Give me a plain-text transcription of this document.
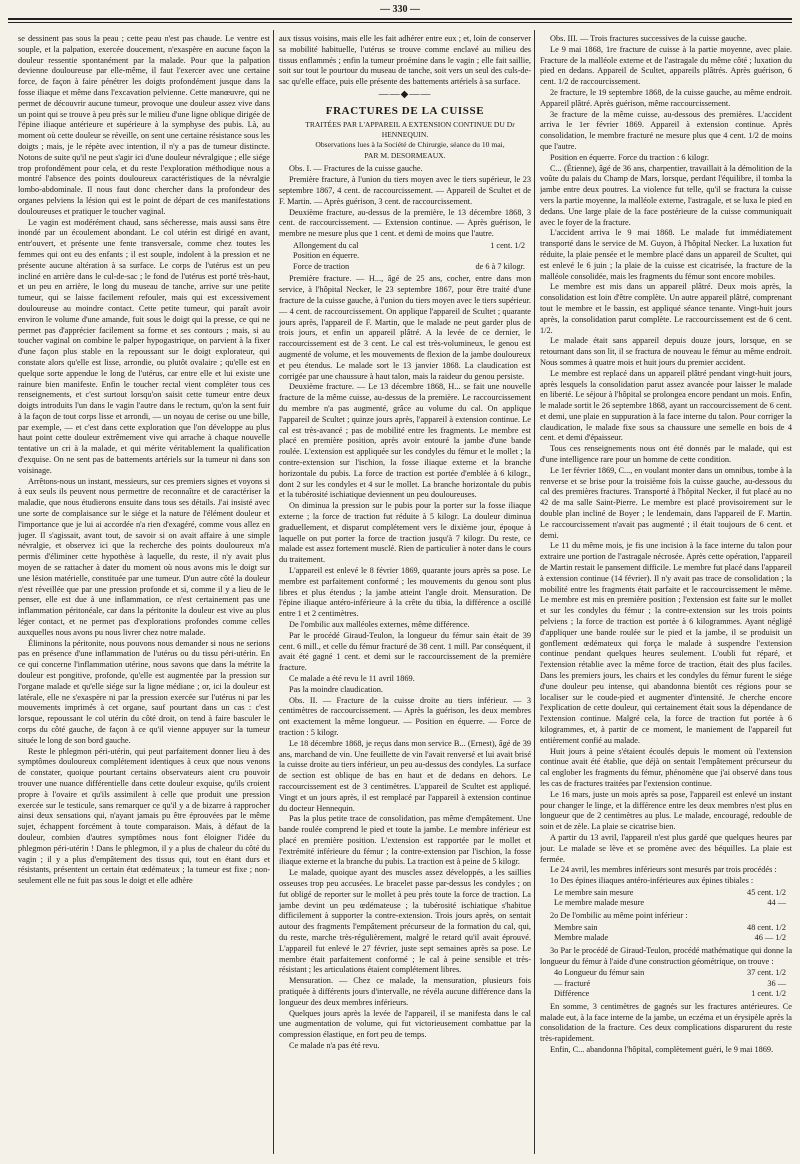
— 330 —

se dessinent pas sous la peau ; cette peau n'est pas chaude. Le ventre est souple, et la palpation, exercée doucement, n'exaspère en aucune façon la douleur ressentie spontanément par la malade. Pour que la palpation devienne douloureuse par elle-même, il faut l'exercer avec une certaine force, de façon à faire pénétrer les doigts profondément jusque dans la fosse iliaque et même dans l'excavation pelvienne. Cette manœuvre, qui ne permet de découvrir aucune tumeur, provoque une douleur assez vive dans un point qui se trouve à peu près sur le milieu d'une ligne oblique dirigée de l'épine iliaque antérieure et supérieure à la symphyse des pubis. Là, au moment où cette douleur se réveille, on sent une certaine résistance sous les doigts ; mais, je le répète avec intention, il n'y a pas de tumeur distincte. Notons de suite qu'il ne peut s'agir ici d'une douleur névralgique ; elle siége trop profondément pour cela, et du reste l'exploration méthodique nous a montré l'absence des points douloureux caractéristiques de la névralgie lombo-abdominale. Il nous faut donc chercher dans la profondeur des organes pelviens la lésion qui est le point de départ de ces manifestations douloureuses et pratiquer le toucher vaginal.

Le vagin est modérément chaud, sans sécheresse, mais aussi sans être inondé par un écoulement abondant. Le col utérin est dirigé en avant, entr'ouvert, et présente une fente transversale, comme chez toutes les femmes qui ont eu des enfants ; il est souple, indolent à la pression et ne présente aucune altération à sa surface. Le corps de l'utérus est un peu incliné en arrière dans le cul-de-sac ; le fond de l'utérus est porté très-haut, et un peu en arrière, le long du museau de tanche, arrive sur une petite tumeur, qui se laisse facilement refouler, mais qui est excessivement douloureuse au moindre contact. Cette petite tumeur, qui paraît avoir environ le volume d'une amande, fuit sous le doigt qui la presse, ce qui ne permet pas d'apprécier facilement sa forme et ses contours ; mais, si au toucher vaginal on combine le palper hypogastrique, on parvient à la fixer d'une façon plus stable en la repoussant sur le doigt explorateur, qui constate alors qu'elle est lisse, arrondie, ou plutôt ovalaire ; qu'elle est en quelque sorte appendue le long de l'utérus, car entre elle et lui existe une rainure bien manifeste. Enfin le toucher rectal vient compléter tous ces renseignements, et c'est surtout lorsqu'on saisit cette tumeur entre deux doigts introduits l'un dans le vagin l'autre dans le rectum, qu'on la sent fuir à la façon de tout corps lisse et arrondi, — un noyau de cerise ou une bille, par exemple, — et c'est dans cette exploration que l'on développe au plus haut point cette douleur extrêmement vive qui arrache à chaque nouvelle tentative un cri à la malade, et qui mérite véritablement la qualification d'exquise. On ne sent pas de battements artériels sur la tumeur ni dans son voisinage.

Arrêtons-nous un instant, messieurs, sur ces premiers signes et voyons si à eux seuls ils peuvent nous permettre de reconnaître et de caractériser la maladie, que nous étudierons ensuite dans tous ses détails. J'ai insisté avec une sorte de complaisance sur le siége et la nature de l'élément douleur et l'importance que je lui ai accordée n'a rien d'exagéré, comme vous allez en juger. Il s'agissait, avant tout, de savoir si on avait affaire à une simple névralgie, et observez ici que la recherche des points douloureux m'a permis d'éliminer cette hypothèse à laquelle, du reste, il n'y avait plus moyen de se rattacher à dater du moment où nous avons mis le doigt sur une lésion matérielle, constituée par une tumeur. D'un autre côté la douleur n'est réveillée que par une pression profonde et si, comme il y a lieu de le penser, elle est due à une inflammation, ce n'est certainement pas une inflammation péritonéale, car dans la péritonite la douleur est vive au plus léger contact, et ne permet pas d'explorations profondes comme celles auxquelles nous avons pu nous livrer chez notre malade.

Éliminons la péritonite, nous pouvons nous demander si nous ne serions pas en présence d'une inflammation de l'utérus ou du tissu péri-utérin. En ce qui concerne l'inflammation utérine, nous savons que dans la métrite la douleur est pongitive, profonde, qu'elle est augmentée par la pression sur l'organe malade et qu'elle siége sur la ligne médiane ; or, ici la douleur est latérale, elle ne s'exaspère ni par la pression exercée sur l'utérus ni par les mouvements imprimés à cet organe, sauf pourtant dans un cas : c'est lorsque, repoussant le col utérin du côté droit, on tend à faire basculer le corps du côté gauche, de façon à ce qu'il vienne appuyer sur la tumeur située le long de son bord gauche.

Reste le phlegmon péri-utérin, qui peut parfaitement donner lieu à des symptômes douloureux complétement identiques à ceux que nous venons de constater, quoique pourtant certains observateurs aient cru pouvoir trouver une nuance différentielle dans cette douleur exquise, qu'ils croient propre à l'ovaire et qu'ils assimilent à celle que produit une pression exercée sur le testicule, sans remarquer ce qu'il y a de bizarre à rapprocher ainsi deux sensations qui, n'ayant jamais pu être éprouvées par le même sujet, échappent forcément à toute comparaison. Mais, à défaut de la douleur, combien d'autres symptômes nous font éloigner l'idée du phlegmon péri-utérin ! Dans le phlegmon, il y a plus de chaleur du côté du vagin ; il y a plus d'empâtement des tissus qui, tout en étant durs et résistants, présentent un certain état œdémateux ; la tumeur est fixe ; non-seulement elle ne fuit pas sous le doigt et elle adhère

aux tissus voisins, mais elle les fait adhérer entre eux ; et, loin de conserver sa mobilité habituelle, l'utérus se trouve comme enclavé au milieu des tissus enflammés ; enfin la tumeur proémine dans le vagin ; elle fait saillie, soit sur tout le pourtour du museau de tanche, soit vers un seul des culs-de-sac qu'elle efface, puis elle présente des battements artériels à sa surface.

——◆——
FRACTURES DE LA CUISSE

TRAITÉES PAR L'APPAREIL A EXTENSION CONTINUE DU Dr HENNEQUIN.

Observations lues à la Société de Chirurgie, séance du 10 mai,

PAR M. DESORMEAUX.

Obs. I. — Fractures de la cuisse gauche.

Première fracture, à l'union du tiers moyen avec le tiers supérieur, le 23 septembre 1867, 4 cent. de raccourcissement. — Appareil de Scultet et de F. Martin. — Après guérison, 3 cent. de raccourcissement.

Deuxième fracture, au-dessus de la première, le 13 décembre 1868, 3 cent. de raccourcissement. — Extension continue. — Après guérison, le membre ne mesure plus que 1 cent. et demi de moins que l'autre.

Allongement du cal	1 cent. 1/2
Position en équerre.	
Force de traction	de 6 à 7 kilogr.

Première fracture. — H..., âgé de 25 ans, cocher, entre dans mon service, à l'hôpital Necker, le 23 septembre 1867, pour être traité d'une fracture de la cuisse gauche, à l'union du tiers moyen avec le tiers supérieur. — 4 cent. de raccourcissement. On applique l'appareil de Scultet ; quarante jours après, l'appareil de F. Martin, que le malade ne peut garder plus de trois jours, et enfin un appareil plâtré. A la levée de ce dernier, le raccourcissement est de 3 cent. Le cal est très-volumineux, le genou est augmenté de volume, et les mouvements de flexion de la jambe douloureux et peu étendus. Le malade sort le 13 janvier 1868. La claudication est corrigée par une chaussure à haut talon, mais la raideur du genou persiste.

Deuxième fracture. — Le 13 décembre 1868, H... se fait une nouvelle fracture de la même cuisse, au-dessus de la première. Le raccourcissement du membre n'a pas augmenté, grâce au volume du cal. On applique l'appareil de Scultet ; quinze jours après, l'appareil à extension continue. Le cal est très-avancé ; pas de mobilité entre les fragments. Le membre est placé en première position, après avoir entouré la jambe d'une bande roulée. L'extension est appliquée sur les condyles du fémur et le mollet ; la contre-extension sur l'ischion, la fosse iliaque externe et la branche horizontale du pubis. La force de traction est portée d'emblée à 6 kilogr., dont 2 sur les condyles et 4 sur le mollet. La branche horizontale du pubis et la tubérosité ischiatique deviennent un peu douloureuses.

On diminua la pression sur le pubis pour la porter sur la fosse iliaque externe ; la force de traction fut réduite à 5 kilogr. La douleur diminua graduellement, et disparut complétement vers le dixième jour, époque à laquelle on put porter la force de traction jusqu'à 7 kilogr. Du reste, ce malade est assez fortement musclé. Rien de particulier à noter dans le cours du traitement.

L'appareil est enlevé le 8 février 1869, quarante jours après sa pose. Le membre est parfaitement conformé ; les mouvements du genou sont plus libres et plus étendus ; la jambe atteint l'angle droit. Mensuration. De l'épine iliaque antéro-inférieure à la crête du tibia, la différence a oscillé entre 1 et 2 centimètres.

De l'ombilic aux malléoles externes, même différence.

Par le procédé Giraud-Teulon, la longueur du fémur sain était de 39 cent. 6 mill., et celle du fémur fracturé de 38 cent. 1 mill. Par conséquent, il avait été gagné 1 cent. et demi sur le raccourcissement de la première fracture.

Ce malade a été revu le 11 avril 1869.

Pas la moindre claudication.

Obs. II. — Fracture de la cuisse droite au tiers inférieur. — 3 centimètres de raccourcissement. — Après la guérison, les deux membres ont exactement la même longueur. — Position en équerre. — Force de traction : 5 kilogr.

Le 18 décembre 1868, je reçus dans mon service B... (Ernest), âgé de 39 ans, marchand de vin. Une feuillette de vin l'avait renversé et lui avait brisé la cuisse droite au tiers inférieur, un peu au-dessus des condyles. La surface de section est oblique de bas en haut et de dedans en dehors. Le raccourcissement est de 3 centimètres. L'appareil de Scultet est appliqué. Vingt et un jours après, il est remplacé par l'appareil à extension continue du docteur Hennequin.

Pas la plus petite trace de consolidation, pas même d'empâtement. Une bande roulée comprend le pied et toute la jambe. Le membre inférieur est placé en première position. L'extension est rapportée par le mollet et l'extrémité inférieure du fémur ; la contre-extension par l'ischion, la fosse iliaque externe et la branche du pubis. La traction est à peine de 5 kilogr.

Le malade, quoique ayant des muscles assez développés, a les saillies osseuses trop peu accusées. Le bracelet passe par-dessus les condyles ; on fut obligé de reporter sur le mollet à peu près toute la force de traction. La jambe devint un peu œdémateuse ; la tubérosité ischiatique s'habitue difficilement à supporter la contre-extension. Trois jours après, on sentait autour des fragments l'empâtement précurseur de la formation du cal, qui, du reste, marche très-régulièrement, malgré le retard qu'il avait éprouvé. L'appareil fut enlevé le 27 février, juste sept semaines après sa pose. Le membre était parfaitement conformé ; le cal à peine sensible et très-résistant ; les articulations étaient complétement libres.

Mensuration. — Chez ce malade, la mensuration, plusieurs fois pratiquée à différents jours d'intervalle, ne révéla aucune différence dans la longueur des deux membres inférieurs.

Quelques jours après la levée de l'appareil, il se manifesta dans le cal une augmentation de volume, qui fut victorieusement combattue par la compression élastique, en fort peu de temps.

Ce malade n'a pas été revu.

Obs. III. — Trois fractures successives de la cuisse gauche.

Le 9 mai 1868, 1re fracture de cuisse à la partie moyenne, avec plaie. Fracture de la malléole externe et de l'astragale du même côté ; luxation du pied en dedans. Appareil de Scultet, appareils plâtrés. Après guérison, 6 cent. 1/2 de raccourcissement.

2e fracture, le 19 septembre 1868, de la cuisse gauche, au même endroit. Appareil plâtré. Après guérison, même raccourcissement.

3e fracture de la même cuisse, au-dessous des premières. L'accident arriva le 1er février 1869. Appareil à extension continue. Après consolidation, le membre fracturé ne mesure plus que 4 cent. 1/2 de moins que l'autre.

Position en équerre. Force du traction : 6 kilogr.

C... (Étienne), âgé de 36 ans, charpentier, travaillait à la démolition de la voûte du palais du Champ de Mars, lorsque, perdant l'équilibre, il tomba la jambe entre deux poutres. La violence fut telle, qu'il se fractura la cuisse vers la partie moyenne, la malléole externe, l'astragale, et se luxa le pied en dedans. Une large plaie de la face postérieure de la cuisse communiquait avec le foyer de la fracture.

L'accident arriva le 9 mai 1868. Le malade fut immédiatement transporté dans le service de M. Guyon, à l'hôpital Necker. La luxation fut réduite, la plaie pensée et le membre placé dans un appareil de Scultet, qui est enlevé le 6 juin ; la plaie de la cuisse est cicatrisée, la fracture de la malléole consolidée, mais les fragments du fémur sont encore mobiles.

Le membre est mis dans un appareil plâtré. Deux mois après, la consolidation est loin d'être complète. Un autre appareil plâtré, comprenant tout le membre et le bassin, est appliqué séance tenante. Vingt-huit jours après, la consolidation parut complète. Le raccourcissement est de 6 cent. 1/2.

Le malade était sans appareil depuis douze jours, lorsque, en se retournant dans son lit, il se fractura de nouveau le fémur au même endroit. Nous sommes à quatre mois et huit jours du premier accident.

Le membre est replacé dans un appareil plâtré pendant vingt-huit jours, après lesquels la consolidation parut assez avancée pour laisser le malade en liberté. Le séjour à l'hôpital se prolongea encore pendant un mois. Enfin, le malade sortit le 26 septembre 1868, ayant un raccourcissement de 6 cent. et demi, une plaie en suppuration à la face interne du talon. Pour corriger la claudication, le malade fixe sous sa chaussure une semelle en bois de 4 cent. et demi d'épaisseur.

Tous ces renseignements nous ont été donnés par le malade, qui est d'une intelligence rare pour un homme de cette condition.

Le 1er février 1869, C..., en voulant monter dans un omnibus, tombe à la renverse et se brise pour la troisième fois la cuisse gauche, au-dessous du cal des premières fractures. Transporté à l'hôpital Necker, il fut placé au no 42 de ma salle Saint-Pierre. Le membre est placé provisoirement sur le double plan incliné de Boyer ; le lendemain, dans l'appareil de F. Martin. Le raccourcissement n'avait pas augmenté ; il était toujours de 6 cent. et demi.

Le 11 du même mois, je fis une incision à la face interne du talon pour extraire une portion de l'astragale nécrosée. Après cette opération, l'appareil de Martin restait le pansement difficile. Le membre fut placé dans l'appareil à extension continue (14 février). Il n'y avait pas trace de consolidation ; la mobilité entre les fragments était parfaite et le raccourcissement le même. Le membre est mis en première position ; l'extension est faite sur le mollet et sur les condyles du fémur ; la contre-extension sur les trois points pelviens ; la force de traction est portée à 6 kilogrammes. Ayant négligé d'appliquer une bande roulée sur le pied et la jambe, il se produisit un gonflement œdémateux qui força le malade à suspendre l'extension continue pendant quelques heures seulement. L'oubli fut réparé, et l'extension rétablie avec la même force de traction, était des plus faciles. Dans les premiers jours, les chairs et les condyles du fémur furent le siége d'une douleur peu intense, qui abandonna bientôt ces régions pour se localiser sur le coude-pied et augmenter d'intensité. Je cherche encore l'explication de cette douleur, qui certainement était sous la dépendance de l'extension continue. Malgré cela, la force de traction fut portée à 6 kilogrammes, et, à partir de ce moment, le maniement de l'appareil fut entièrement confié au malade.

Huit jours à peine s'étaient écoulés depuis le moment où l'extension continue avait été établie, que déjà on sentait l'empâtement précurseur du cal englober les fragments du fémur, phénomène que j'ai observé dans tous les cas de fractures traitées par l'extension continue.

Le 16 mars, juste un mois après sa pose, l'appareil est enlevé un instant pour changer le linge, et la différence entre les deux membres n'est plus en longueur que de 2 centimètres au plus. Le malade, encouragé, redouble de soin et de zèle. La plaie se cicatrise bien.

A partir du 13 avril, l'appareil n'est plus gardé que quelques heures par jour. Le malade se lève et se promène avec des béquilles. La plaie est fermée.

Le 24 avril, les membres inférieurs sont mesurés par trois procédés :

1o Des épines iliaques antéro-inférieures aux épines tibiales :

Le membre sain mesure	45 cent. 1/2
Le membre malade mesure	44 —

2o De l'ombilic au même point inférieur :

Membre sain	48 cent. 1/2
Membre malade	46 — 1/2

3o Par le procédé de Giraud-Teulon, procédé mathématique qui donne la longueur du fémur à l'aide d'une construction géométrique, on trouve :

4o Longueur du fémur sain	37 cent. 1/2
— fracturé	36 —
Différence	1 cent. 1/2

En somme, 3 centimètres de gagnés sur les fractures antérieures. Ce malade eut, à la face interne de la jambe, un eczéma et un érysipèle après la consolidation de la fracture. Ces deux complications disparurent du reste très-rapidement.

Enfin, C... abandonna l'hôpital, complètement guéri, le 9 mai 1869.
